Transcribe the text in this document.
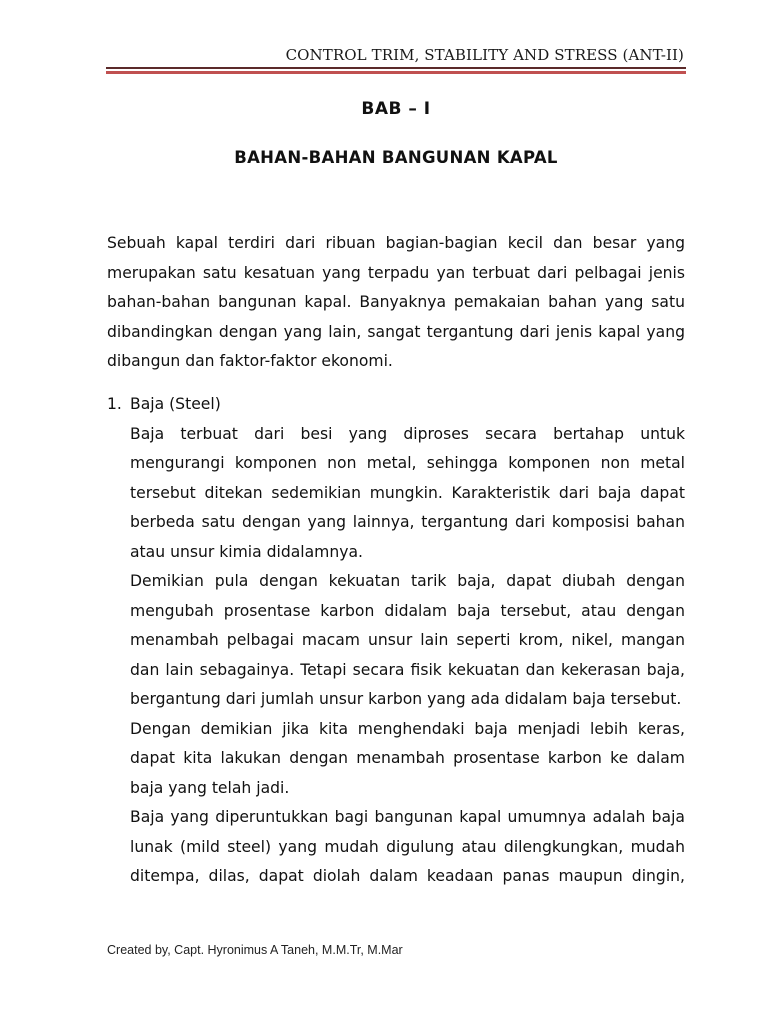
CONTROL TRIM, STABILITY AND STRESS (ANT-II)
BAB – I
BAHAN-BAHAN BANGUNAN KAPAL

Sebuah kapal terdiri dari ribuan bagian-bagian kecil dan besar yang merupakan satu kesatuan yang terpadu yan terbuat dari pelbagai jenis bahan-bahan bangunan kapal. Banyaknya pemakaian bahan yang satu dibandingkan dengan yang lain, sangat tergantung dari jenis kapal yang dibangun dan faktor-faktor ekonomi.

1. Baja (Steel)

Baja terbuat dari besi yang diproses secara bertahap untuk mengurangi komponen non metal, sehingga komponen non metal tersebut ditekan sedemikian mungkin. Karakteristik dari baja dapat berbeda satu dengan yang lainnya, tergantung dari komposisi bahan atau unsur kimia didalamnya.

Demikian pula dengan kekuatan tarik baja, dapat diubah dengan mengubah prosentase karbon didalam baja tersebut, atau dengan menambah pelbagai macam unsur lain seperti krom, nikel, mangan dan lain sebagainya. Tetapi secara fisik kekuatan dan kekerasan baja, bergantung dari jumlah unsur karbon yang ada didalam baja tersebut.

Dengan demikian jika kita menghendaki baja menjadi lebih keras, dapat kita lakukan dengan menambah prosentase karbon ke dalam baja yang telah jadi.

Baja yang diperuntukkan bagi bangunan kapal umumnya adalah baja lunak (mild steel) yang mudah digulung atau dilengkungkan, mudah ditempa, dilas, dapat diolah dalam keadaan panas maupun dingin,

Created by, Capt. Hyronimus A Taneh, M.M.Tr, M.Mar
